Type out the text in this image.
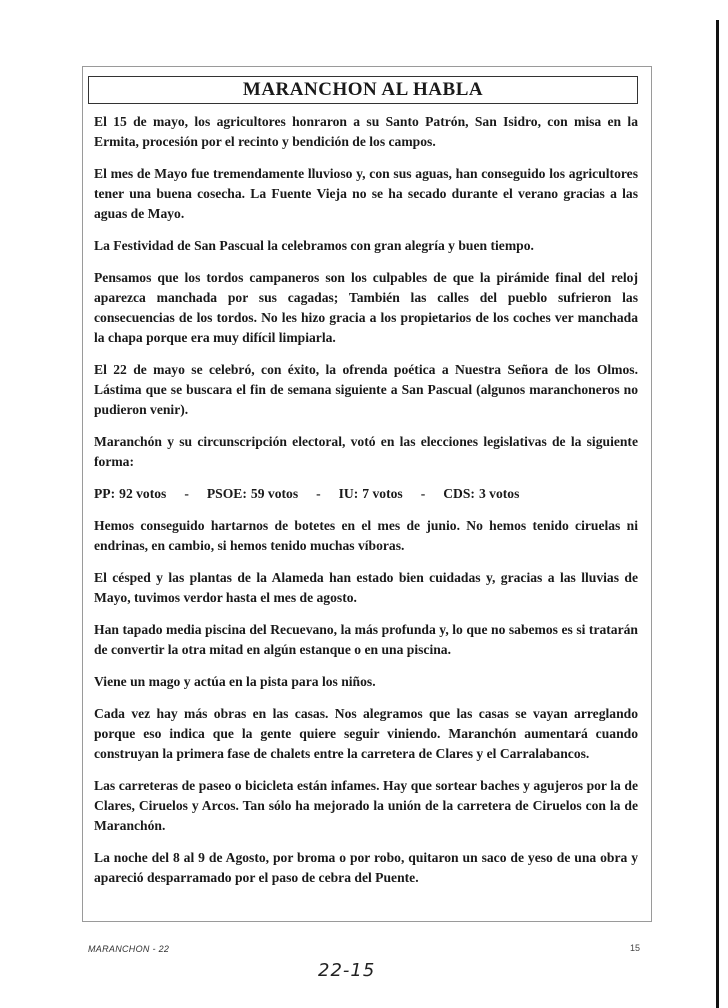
MARANCHON AL HABLA

El 15 de mayo, los agricultores honraron a su Santo Patrón, San Isidro, con misa en la Ermita, procesión por el recinto y bendición de los campos.

El mes de Mayo fue tremendamente lluvioso y, con sus aguas, han conseguido los agricultores tener una buena cosecha. La Fuente Vieja no se ha secado durante el verano gracias a las aguas de Mayo.

La Festividad de San Pascual la celebramos con gran alegría y buen tiempo.

Pensamos que los tordos campaneros son los culpables de que la pirámide final del reloj aparezca manchada por sus cagadas; También las calles del pueblo sufrieron las consecuencias de los tordos. No les hizo gracia a los propietarios de los coches ver manchada la chapa porque era muy difícil limpiarla.

El 22 de mayo se celebró, con éxito, la ofrenda poética a Nuestra Señora de los Olmos. Lástima que se buscara el fin de semana siguiente a San Pascual (algunos maranchoneros no pudieron venir).

Maranchón y su circunscripción electoral, votó en las elecciones legislativas de la siguiente forma:

PP: 92 votos - PSOE: 59 votos - IU: 7 votos - CDS: 3 votos

Hemos conseguido hartarnos de botetes en el mes de junio. No hemos tenido ciruelas ni endrinas, en cambio, si hemos tenido muchas víboras.

El césped y las plantas de la Alameda han estado bien cuidadas y, gracias a las lluvias de Mayo, tuvimos verdor hasta el mes de agosto.

Han tapado media piscina del Recuevano, la más profunda y, lo que no sabemos es si tratarán de convertir la otra mitad en algún estanque o en una piscina.

Viene un mago y actúa en la pista para los niños.

Cada vez hay más obras en las casas. Nos alegramos que las casas se vayan arreglando porque eso indica que la gente quiere seguir viniendo. Maranchón aumentará cuando construyan la primera fase de chalets entre la carretera de Clares y el Carralabancos.

Las carreteras de paseo o bicicleta están infames. Hay que sortear baches y agujeros por la de Clares, Ciruelos y Arcos. Tan sólo ha mejorado la unión de la carretera de Ciruelos con la de Maranchón.

La noche del 8 al 9 de Agosto, por broma o por robo, quitaron un saco de yeso de una obra y apareció desparramado por el paso de cebra del Puente.

MARANCHON - 22	15
22-15
